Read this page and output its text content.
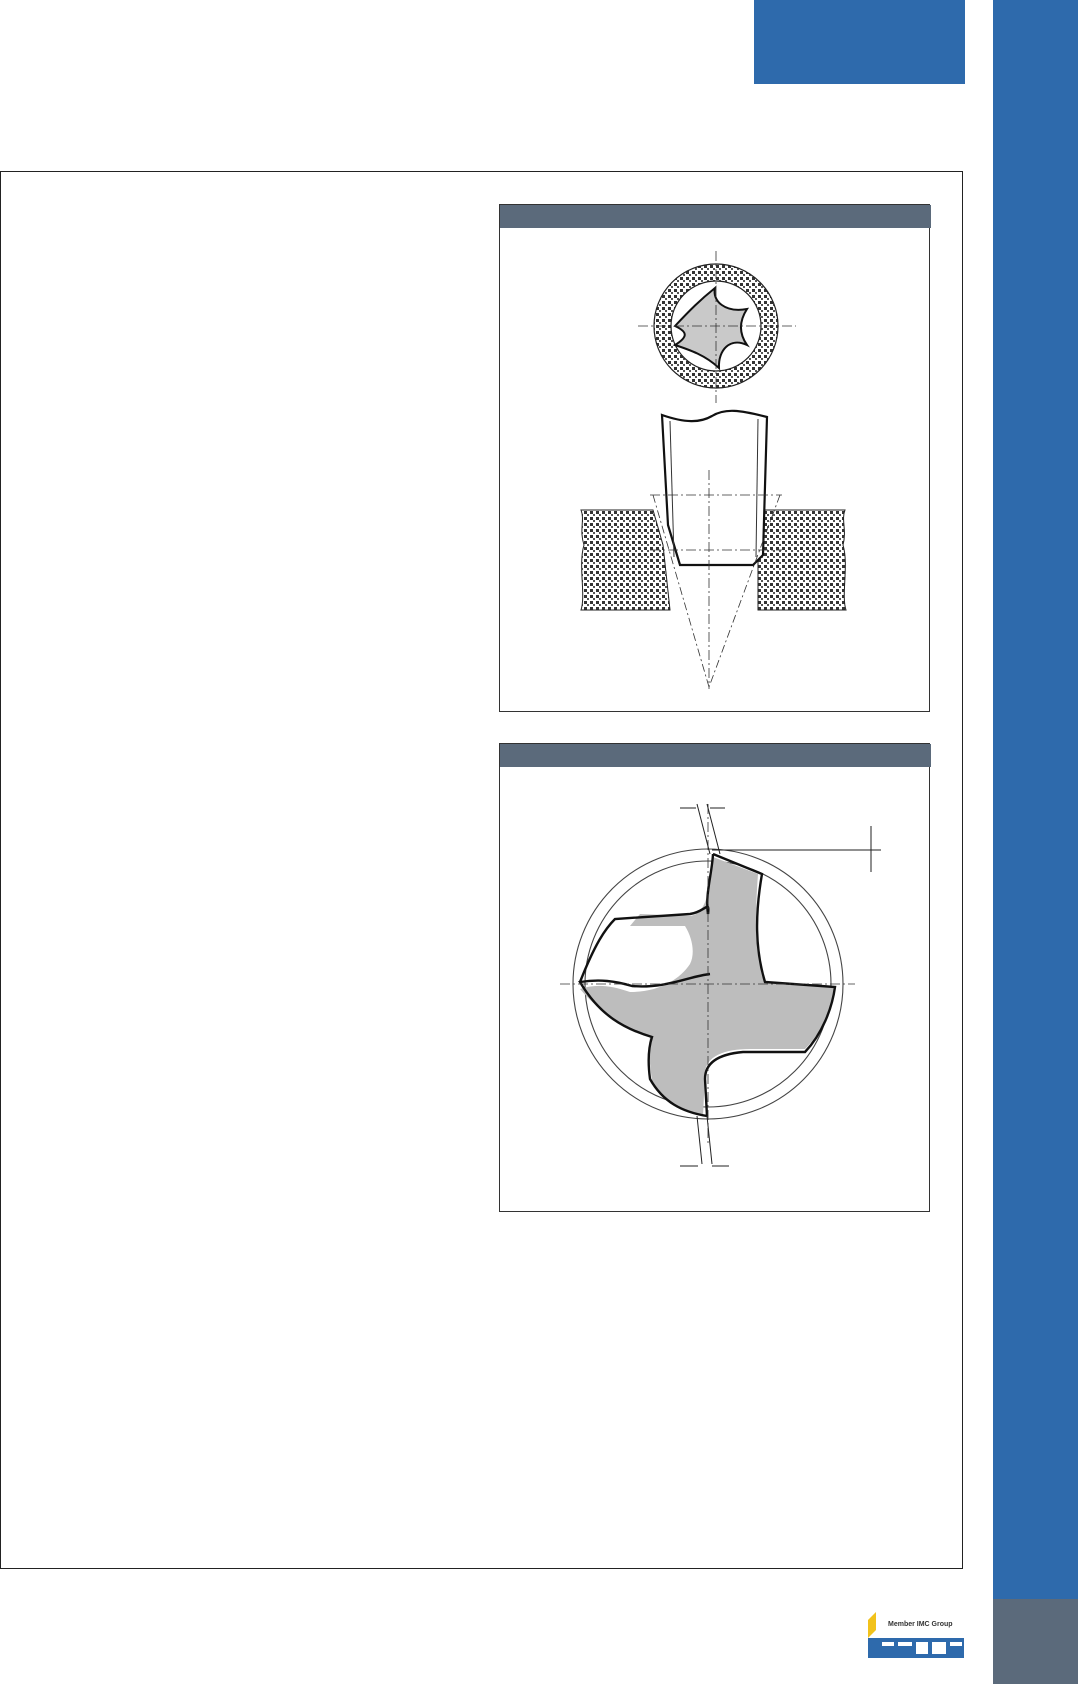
Member IMC Group
